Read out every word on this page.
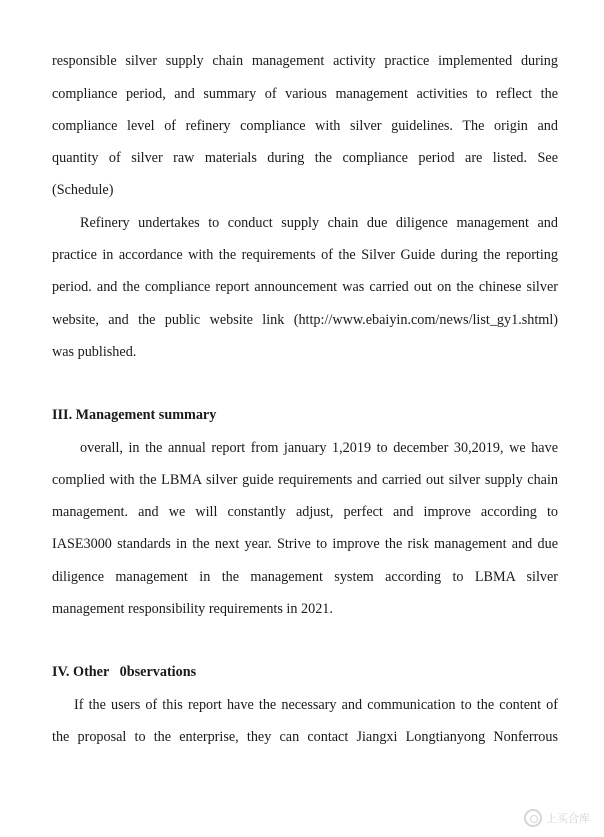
responsible silver supply chain management activity practice implemented during
compliance period, and summary of various management activities to reflect the
compliance level of refinery compliance with silver guidelines. The origin and
quantity of silver raw materials during the compliance period are listed. See
(Schedule)
Refinery undertakes to conduct supply chain due diligence management and
practice in accordance with the requirements of the Silver Guide during the reporting
period. and the compliance report announcement was carried out on the chinese silver
website, and the public website link (http://www.ebaiyin.com/news/list_gy1.shtml)
was published.
III. Management summary
overall, in the annual report from january 1,2019 to december 30,2019, we have
complied with the LBMA silver guide requirements and carried out silver supply chain
management. and we will constantly adjust, perfect and improve according to
IASE3000 standards in the next year. Strive to improve the risk management and due
diligence management in the management system according to LBMA silver
management responsibility requirements in 2021.
IV. Other   0bservations
If the users of this report have the necessary and communication to the content of
the proposal to the enterprise, they can contact Jiangxi Longtianyong Nonferrous
上买合库
